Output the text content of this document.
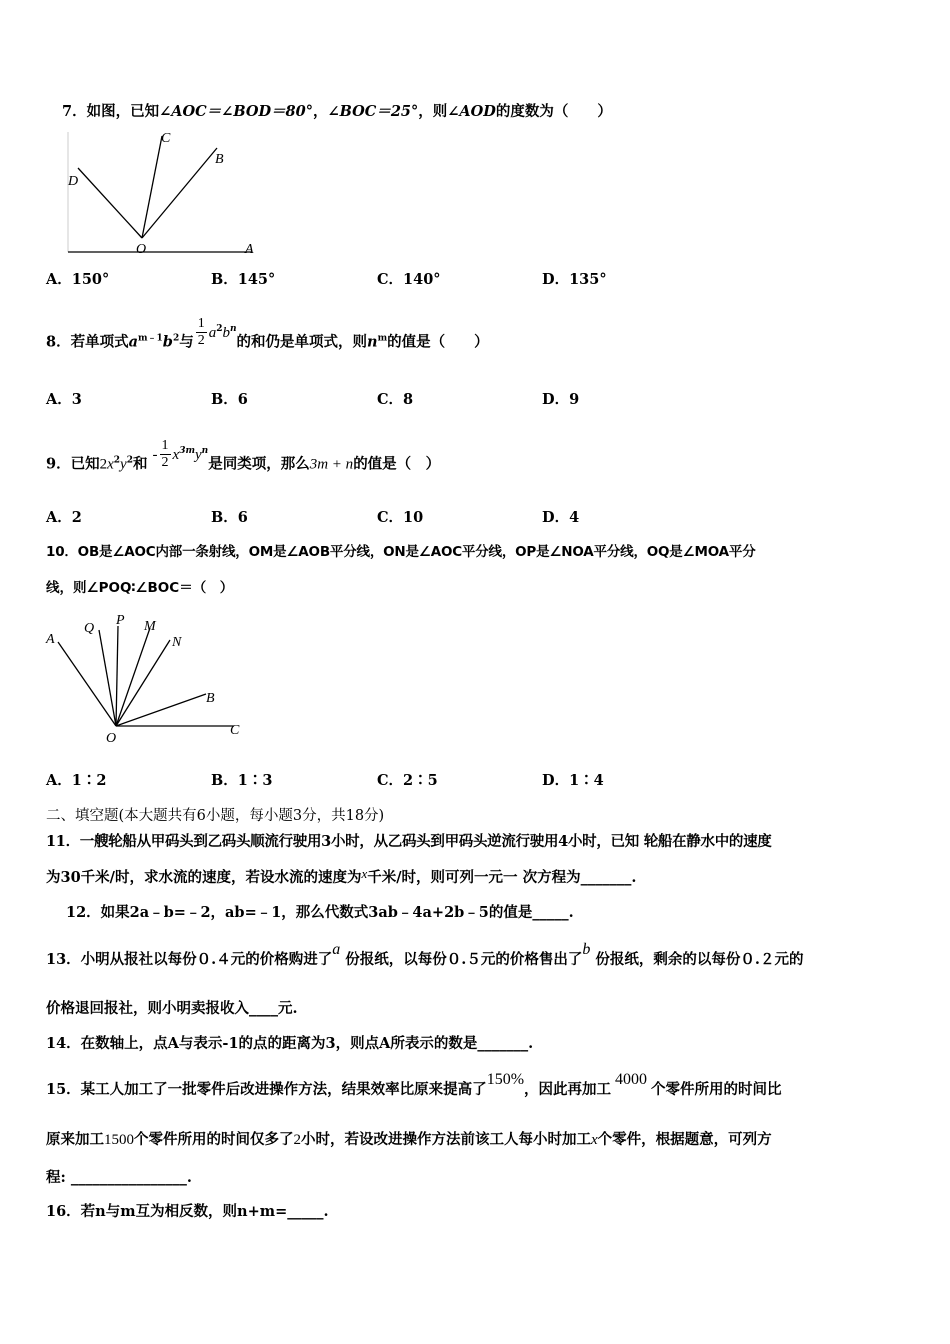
7．如图，已知∠AOC＝∠BOD＝80°，∠BOC＝25°，则∠AOD的度数为（　　）
C
B
D
O	A
A．150°	B．145°	C．140°	D．135°
8．若单项式$a^{m﹣1}b^2$与 $\frac{1}{2} a^2b^n$的和仍是单项式，则$n^m$的值是（　　）
A．3	B．6	C．8	D．9
9．已知$2x^2y^2$和 - $\frac{1}{2} x^{3m}y^n$是同类项，那么3m + n的值是（　）
A．2	B．6	C．10	D．4
10．OB是∠AOC内部一条射线，OM是∠AOB平分线，ON是∠AOC平分线，OP是∠NOA平分线，OQ是∠MOA平分
线，则∠POQ∶∠BOC＝（　）
A
Q
P M
N
B
O
C
A．1∶2	B．1∶3	C．2∶5	D．1∶4
二、填空题(本大题共有6小题，每小题3分，共18分)
11．一艘轮船从甲码头到乙码头顺流行驶用3小时，从乙码头到甲码头逆流行驶用4小时，已知 轮船在静水中的速度
为30千米/时，求水流的速度，若设水流的速度为x千米/时，则可列一元一 次方程为_______.
12．如果2a﹣b=﹣2，ab=﹣1，那么代数式3ab﹣4a+2b﹣5的值是_____.
13．小明从报社以每份０.４元的价格购进了a 份报纸，以每份０.５元的价格售出了b 份报纸，剩余的以每份０.２元的
价格退回报社，则小明卖报收入____元.
14．在数轴上，点A与表示-1的点的距离为3，则点A所表示的数是_______.
15．某工人加工了一批零件后改进操作方法，结果效率比原来提高了150%，因此再加工4000个零件所用的时间比
原来加工1500个零件所用的时间仅多了2小时，若设改进操作方法前该工人每小时加工x个零件，根据题意，可列方
程: ________________.
16．若n与m互为相反数，则n+m=_____.
